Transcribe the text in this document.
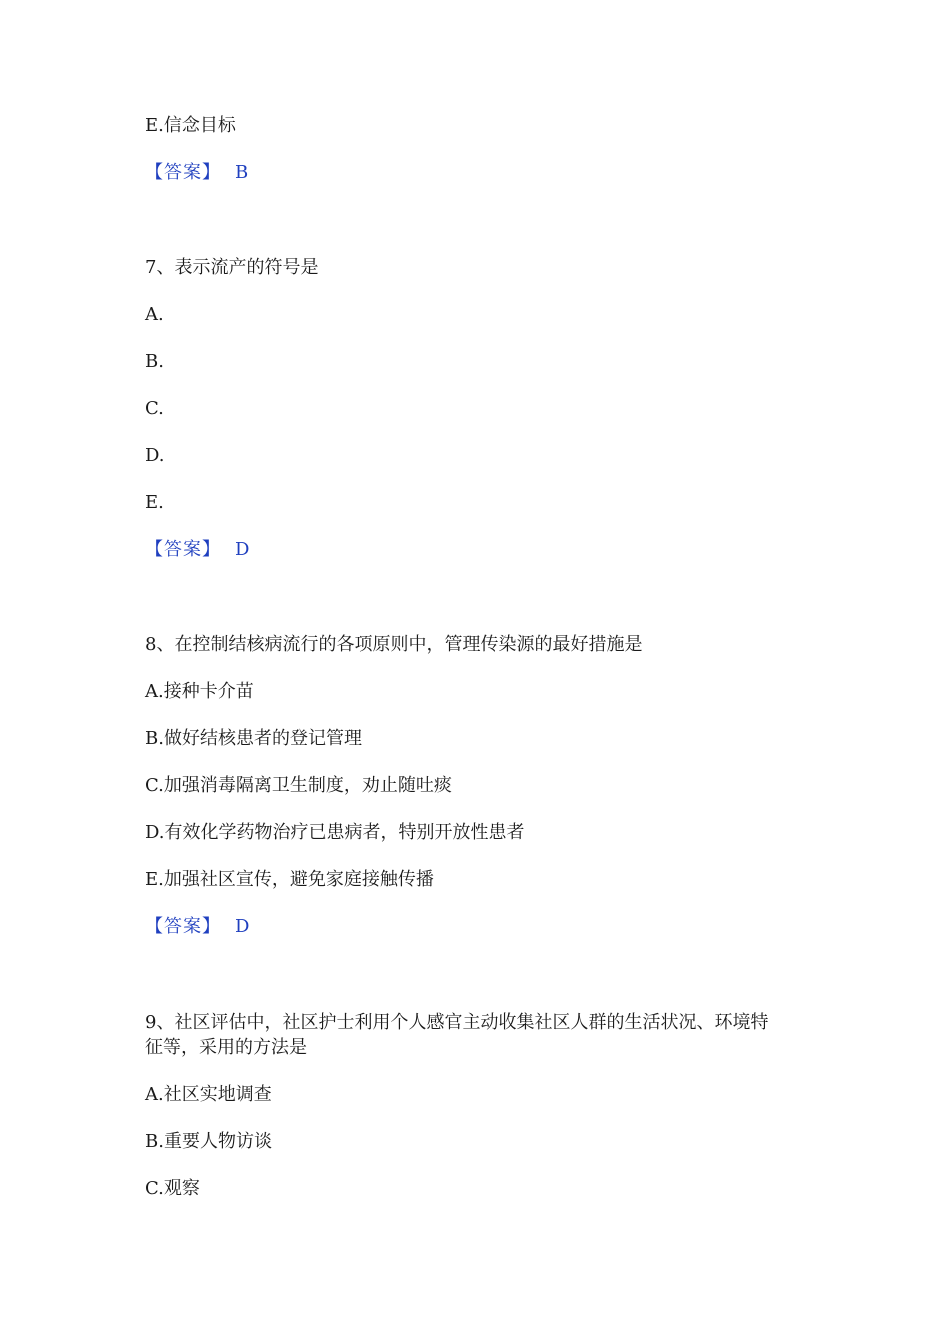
E.信念目标
【答案】 B
7、表示流产的符号是
A.
B.
C.
D.
E.
【答案】 D
8、在控制结核病流行的各项原则中，管理传染源的最好措施是
A.接种卡介苗
B.做好结核患者的登记管理
C.加强消毒隔离卫生制度，劝止随吐痰
D.有效化学药物治疗已患病者，特别开放性患者
E.加强社区宣传，避免家庭接触传播
【答案】 D
9、社区评估中，社区护士利用个人感官主动收集社区人群的生活状况、环境特
征等，采用的方法是
A.社区实地调查
B.重要人物访谈
C.观察
